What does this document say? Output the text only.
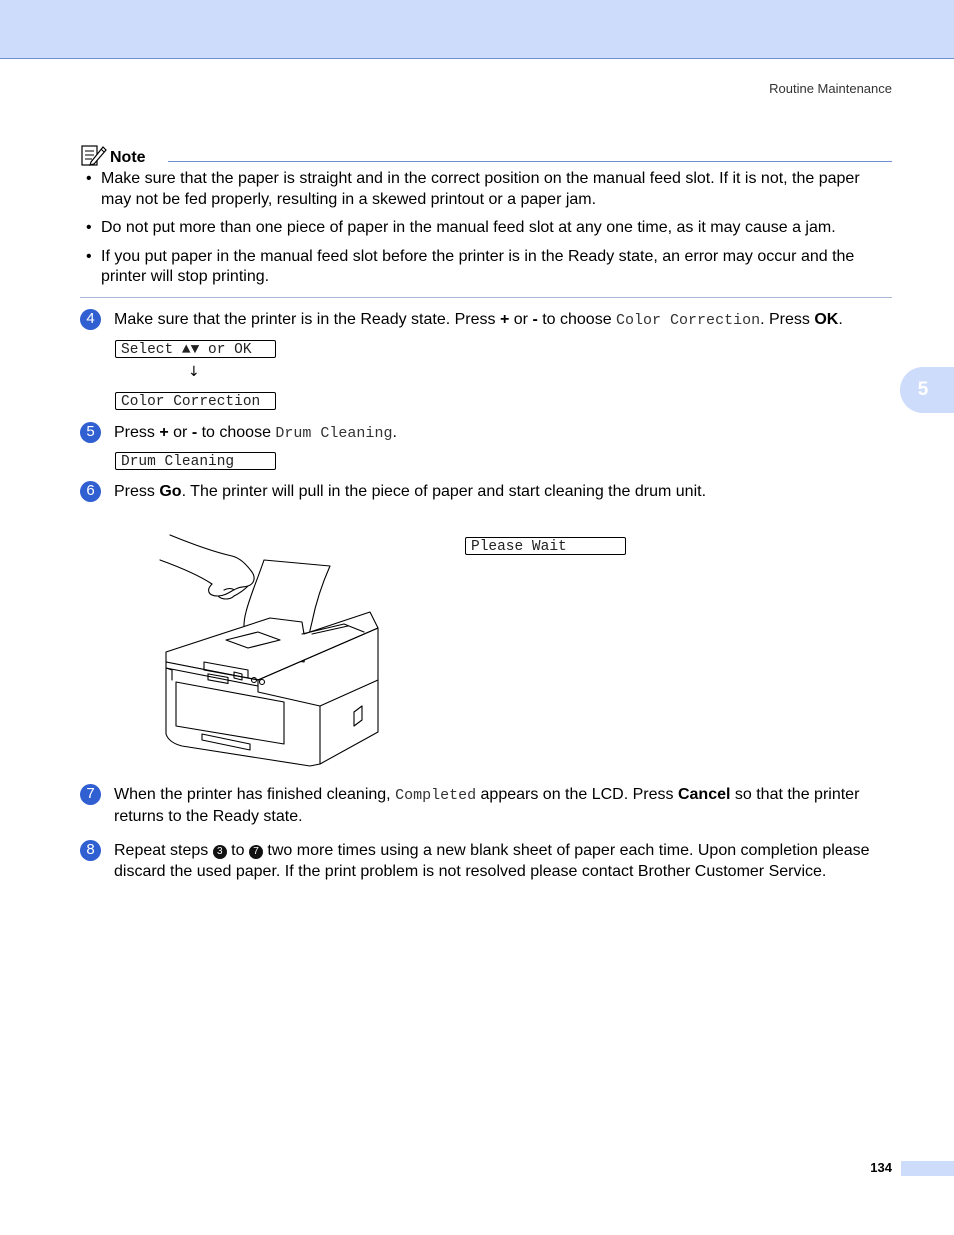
Routine Maintenance
5
Note
• Make sure that the paper is straight and in the correct position on the manual feed slot. If it is not, the paper may not be fed properly, resulting in a skewed printout or a paper jam.
• Do not put more than one piece of paper in the manual feed slot at any one time, as it may cause a jam.
• If you put paper in the manual feed slot before the printer is in the Ready state, an error may occur and the printer will stop printing.
4	Make sure that the printer is in the Ready state. Press + or - to choose Color Correction. Press OK.
Select ▲▼ or OK
↓
Color Correction
5	Press + or - to choose Drum Cleaning.
Drum Cleaning
6	Press Go. The printer will pull in the piece of paper and start cleaning the drum unit.
Please Wait
7	When the printer has finished cleaning, Completed appears on the LCD. Press Cancel so that the printer returns to the Ready state.
8	Repeat steps 3 to 7 two more times using a new blank sheet of paper each time. Upon completion please discard the used paper. If the print problem is not resolved please contact Brother Customer Service.
134
